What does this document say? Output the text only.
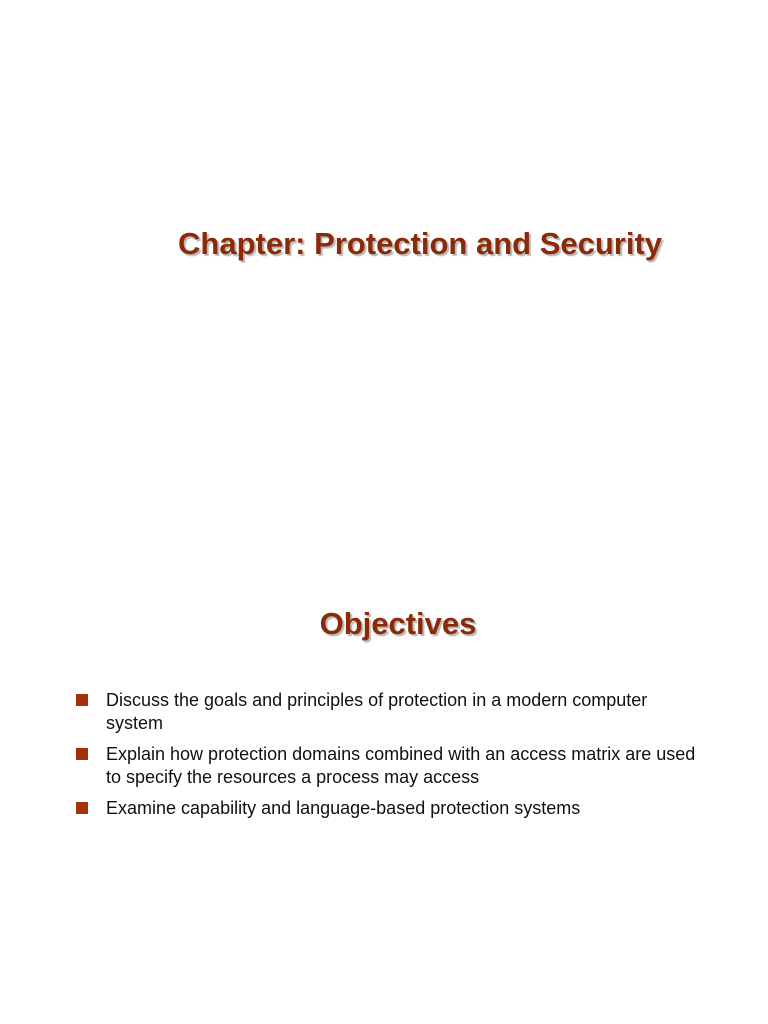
Chapter: Protection and Security
Objectives
Discuss the goals and principles of protection in a modern computer system
Explain how protection domains combined with an access matrix are used to specify the resources a process may access
Examine capability and language-based protection systems
